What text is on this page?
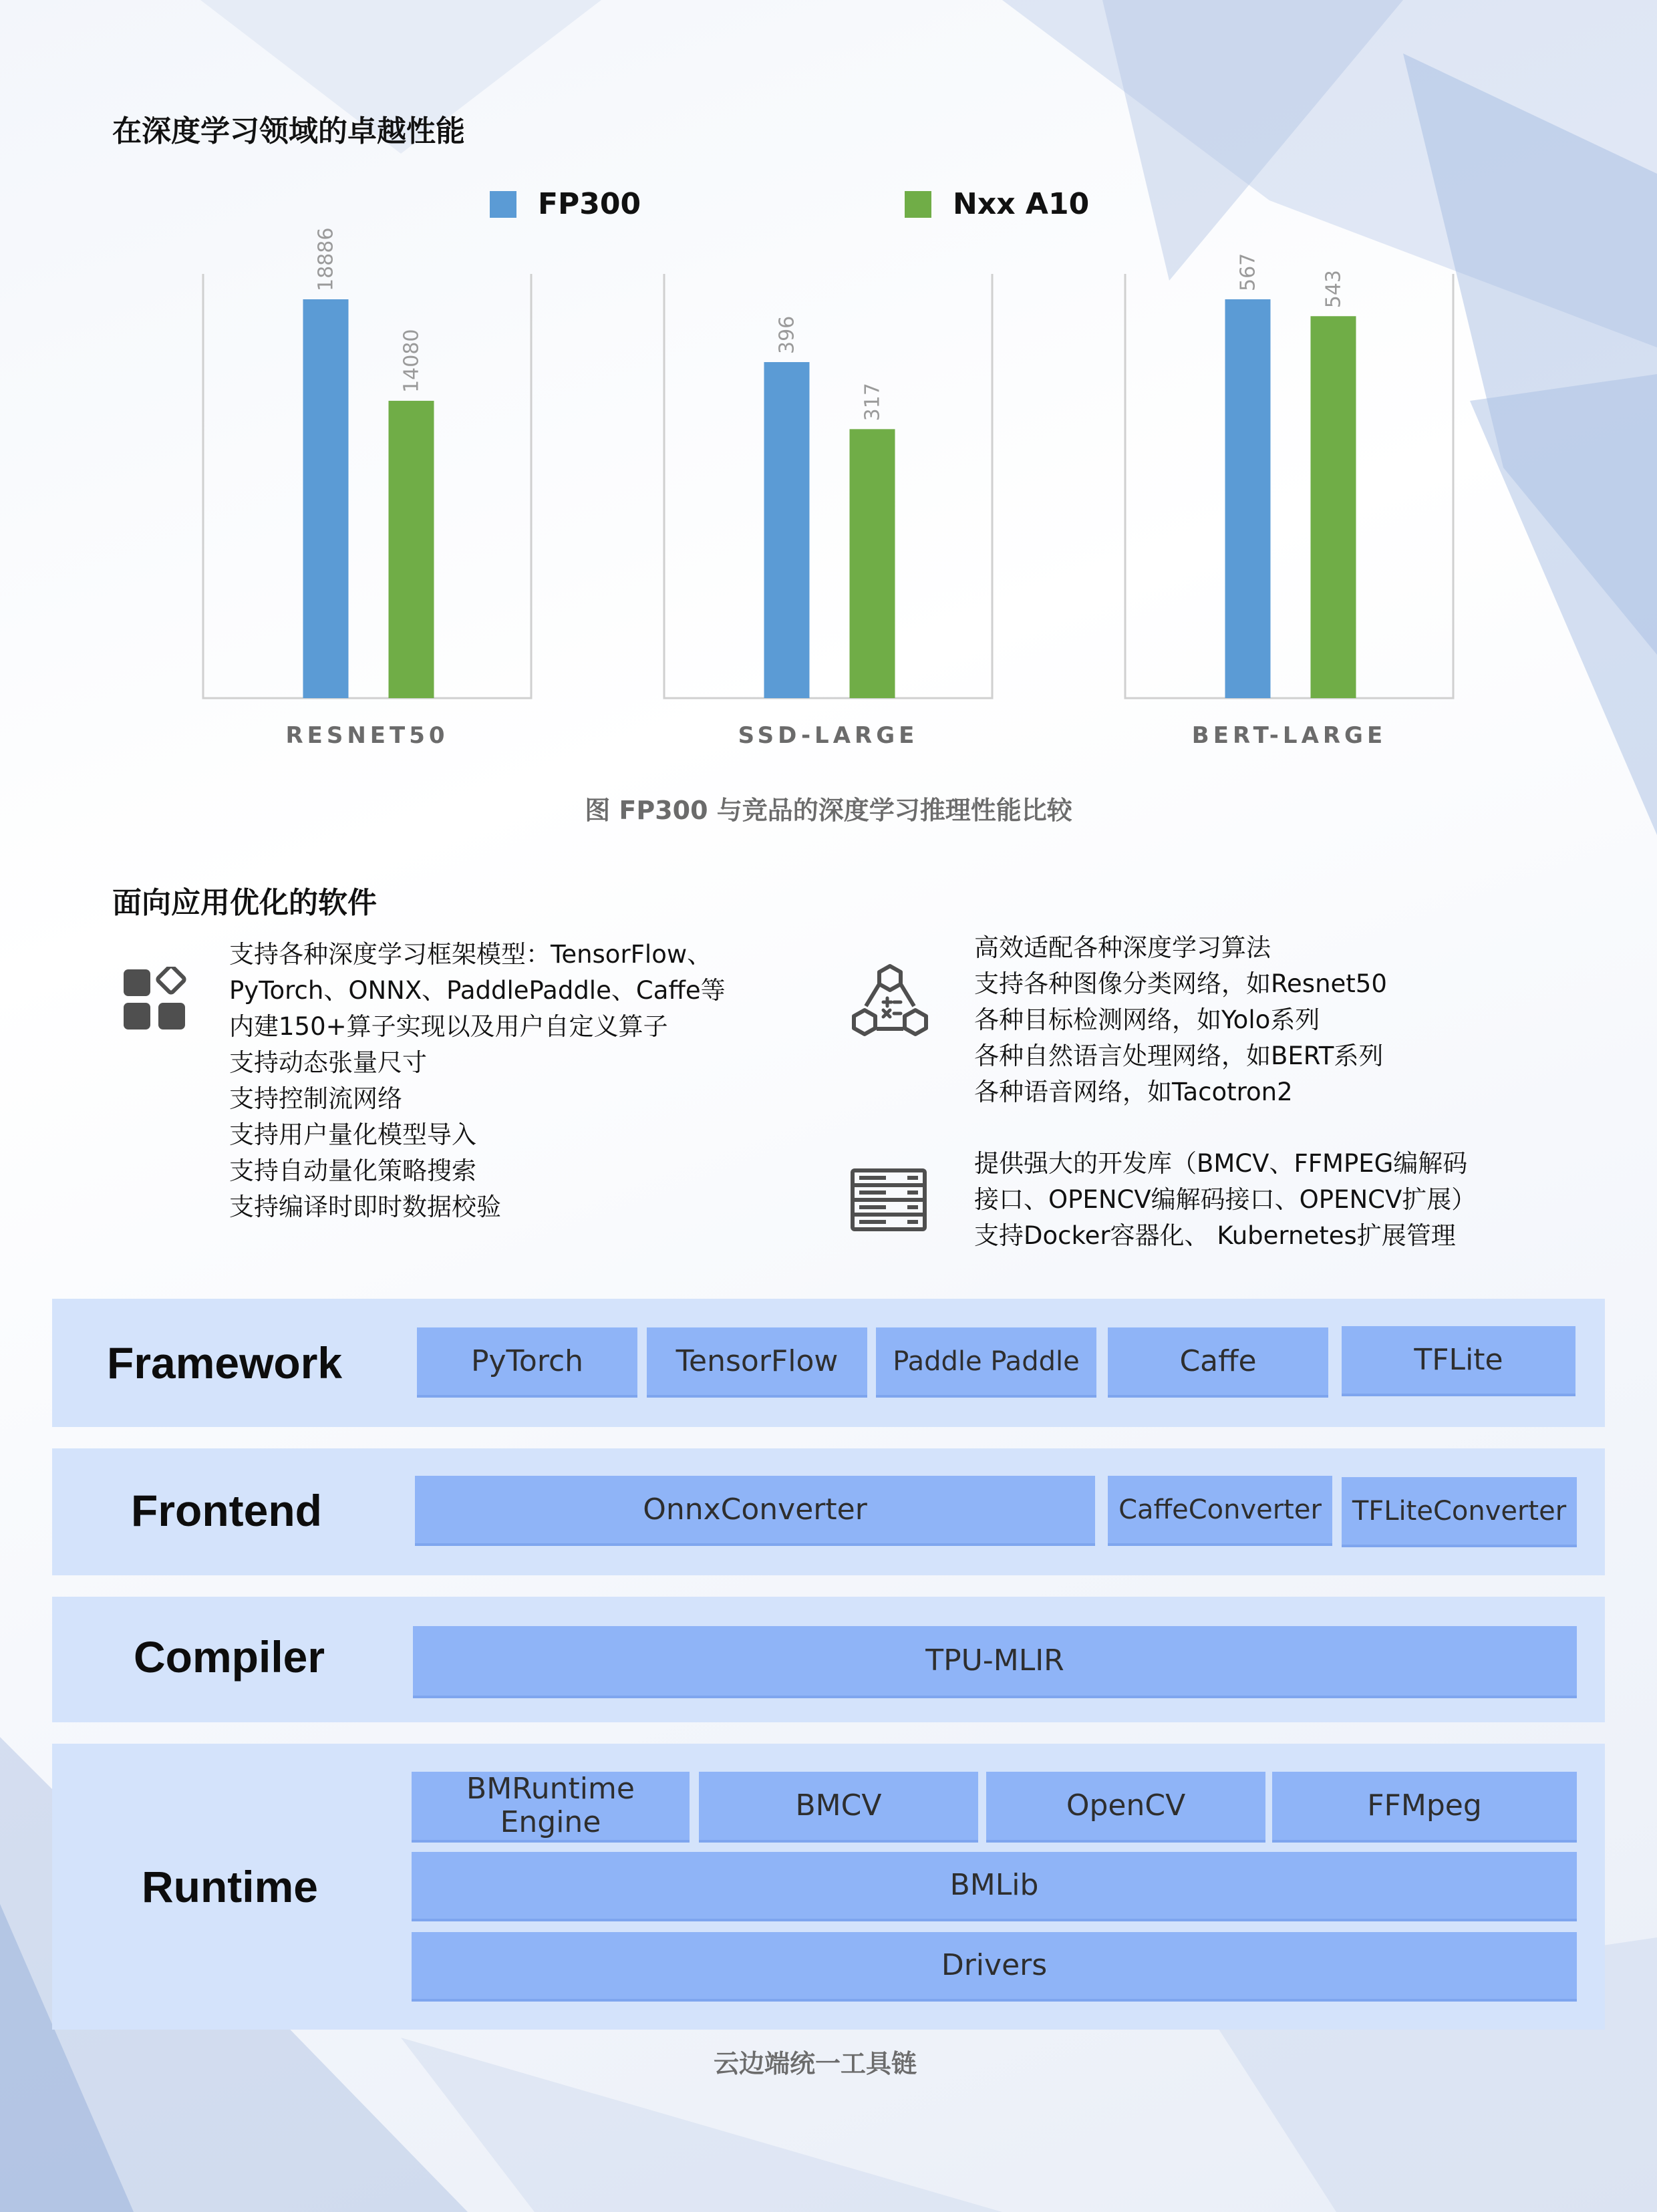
在深度学习领域的卓越性能
FP300	Nxx A10
18886
14080
RESNET50
396
317
SSD-LARGE
567	543
BERT-LARGE
图 FP300 与竞品的深度学习推理性能比较
面向应用优化的软件
支持各种深度学习框架模型：TensorFlow、
PyTorch、ONNX、PaddlePaddle、Caffe等
内建150+算子实现以及用户自定义算子
支持动态张量尺寸
支持控制流网络
支持用户量化模型导入
支持自动量化策略搜索
支持编译时即时数据校验
高效适配各种深度学习算法
支持各种图像分类网络，如Resnet50
各种目标检测网络，如Yolo系列
各种自然语言处理网络，如BERT系列
各种语音网络，如Tacotron2
提供强大的开发库（BMCV、FFMPEG编解码
接口、OPENCV编解码接口、OPENCV扩展）
支持Docker容器化、 Kubernetes扩展管理
Framework	PyTorch	TensorFlow	Paddle Paddle	Caffe	TFLite
Frontend	OnnxConverter	CaffeConverter	TFLiteConverter
Compiler	TPU-MLIR
Runtime
BMRuntime Engine	BMCV	OpenCV	FFMpeg
BMLib
Drivers
云边端统一工具链
